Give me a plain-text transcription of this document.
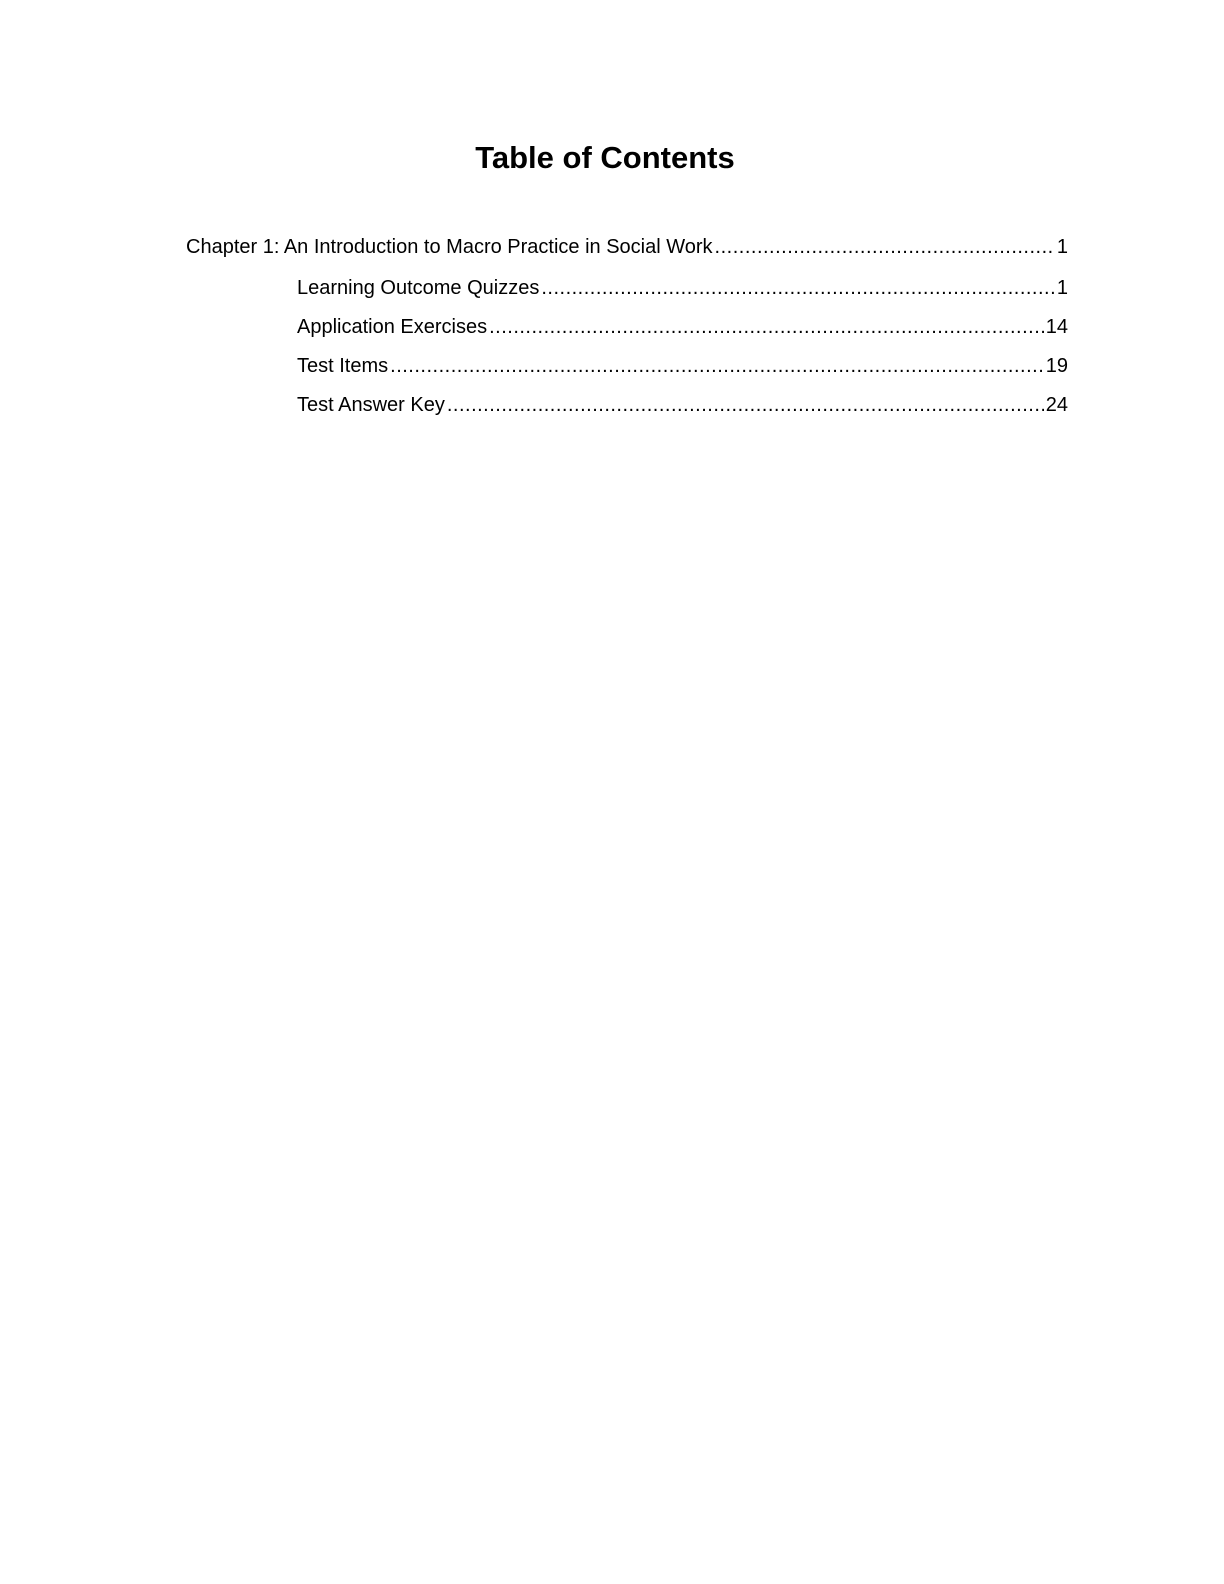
Table of Contents
Chapter 1: An Introduction to Macro Practice in Social Work .....	1
Learning Outcome Quizzes .....	1
Application Exercises .....	14
Test Items .....	19
Test Answer Key .....	24
